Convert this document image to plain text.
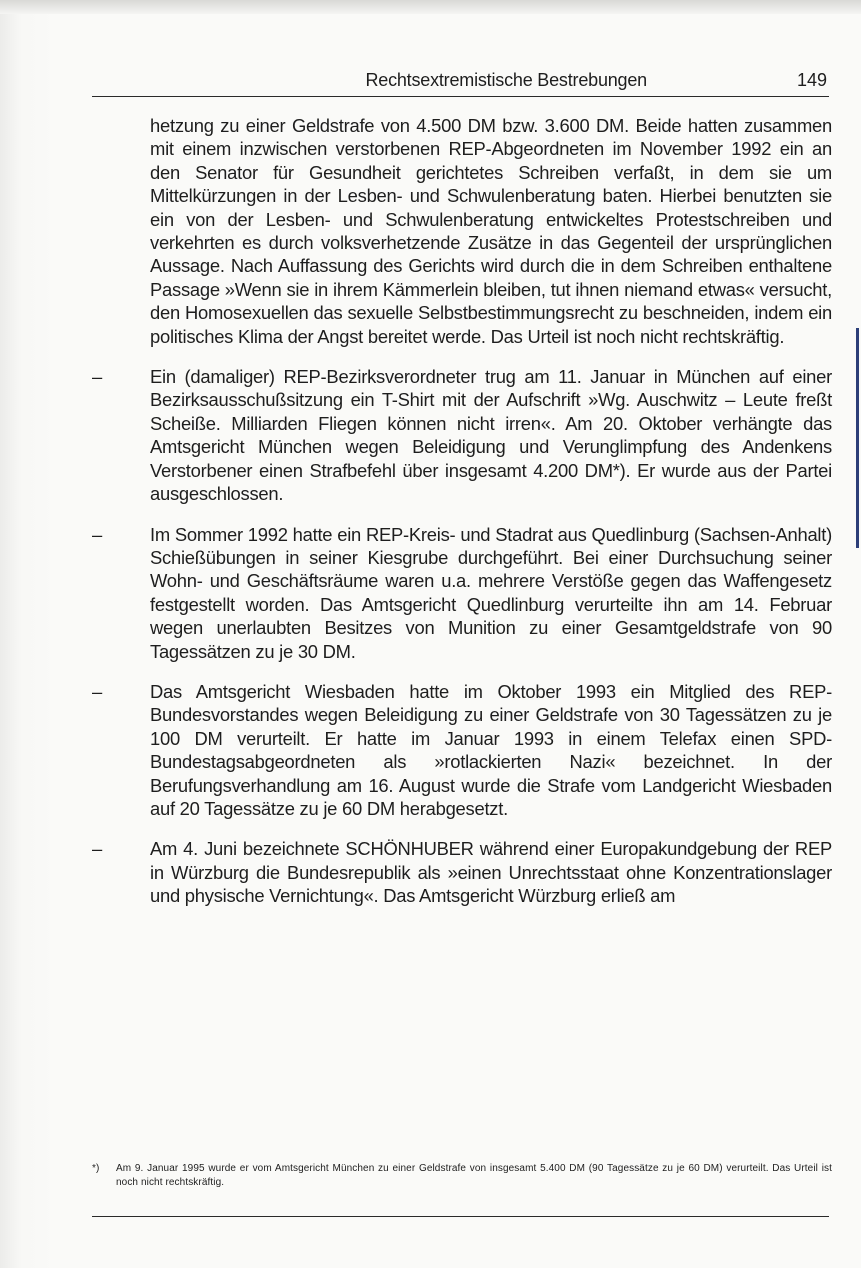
Rechtsextremistische Bestrebungen	149

hetzung zu einer Geldstrafe von 4.500 DM bzw. 3.600 DM. Beide hatten zusammen mit einem inzwischen verstorbenen REP-Abgeordneten im November 1992 ein an den Senator für Gesundheit gerichtetes Schreiben verfaßt, in dem sie um Mittelkürzungen in der Lesben- und Schwulenberatung baten. Hierbei benutzten sie ein von der Lesben- und Schwulenberatung entwickeltes Protestschreiben und verkehrten es durch volksverhetzende Zusätze in das Gegenteil der ursprünglichen Aussage. Nach Auffassung des Gerichts wird durch die in dem Schreiben enthaltene Passage »Wenn sie in ihrem Kämmerlein bleiben, tut ihnen niemand etwas« versucht, den Homosexuellen das sexuelle Selbstbestimmungsrecht zu beschneiden, indem ein politisches Klima der Angst bereitet werde. Das Urteil ist noch nicht rechtskräftig.

–	Ein (damaliger) REP-Bezirksverordneter trug am 11. Januar in München auf einer Bezirksausschußsitzung ein T-Shirt mit der Aufschrift »Wg. Auschwitz – Leute freßt Scheiße. Milliarden Fliegen können nicht irren«. Am 20. Oktober verhängte das Amtsgericht München wegen Beleidigung und Verunglimpfung des Andenkens Verstorbener einen Strafbefehl über insgesamt 4.200 DM*). Er wurde aus der Partei ausgeschlossen.

–	Im Sommer 1992 hatte ein REP-Kreis- und Stadrat aus Quedlinburg (Sachsen-Anhalt) Schießübungen in seiner Kiesgrube durchgeführt. Bei einer Durchsuchung seiner Wohn- und Geschäftsräume waren u.a. mehrere Verstöße gegen das Waffengesetz festgestellt worden. Das Amtsgericht Quedlinburg verurteilte ihn am 14. Februar wegen unerlaubten Besitzes von Munition zu einer Gesamtgeldstrafe von 90 Tagessätzen zu je 30 DM.

–	Das Amtsgericht Wiesbaden hatte im Oktober 1993 ein Mitglied des REP-Bundesvorstandes wegen Beleidigung zu einer Geldstrafe von 30 Tagessätzen zu je 100 DM verurteilt. Er hatte im Januar 1993 in einem Telefax einen SPD-Bundestagsabgeordneten als »rotlackierten Nazi« bezeichnet. In der Berufungsverhandlung am 16. August wurde die Strafe vom Landgericht Wiesbaden auf 20 Tagessätze zu je 60 DM herabgesetzt.

–	Am 4. Juni bezeichnete SCHÖNHUBER während einer Europakundgebung der REP in Würzburg die Bundesrepublik als »einen Unrechtsstaat ohne Konzentrationslager und physische Vernichtung«. Das Amtsgericht Würzburg erließ am

*)	Am 9. Januar 1995 wurde er vom Amtsgericht München zu einer Geldstrafe von insgesamt 5.400 DM (90 Tagessätze zu je 60 DM) verurteilt. Das Urteil ist noch nicht rechtskräftig.
